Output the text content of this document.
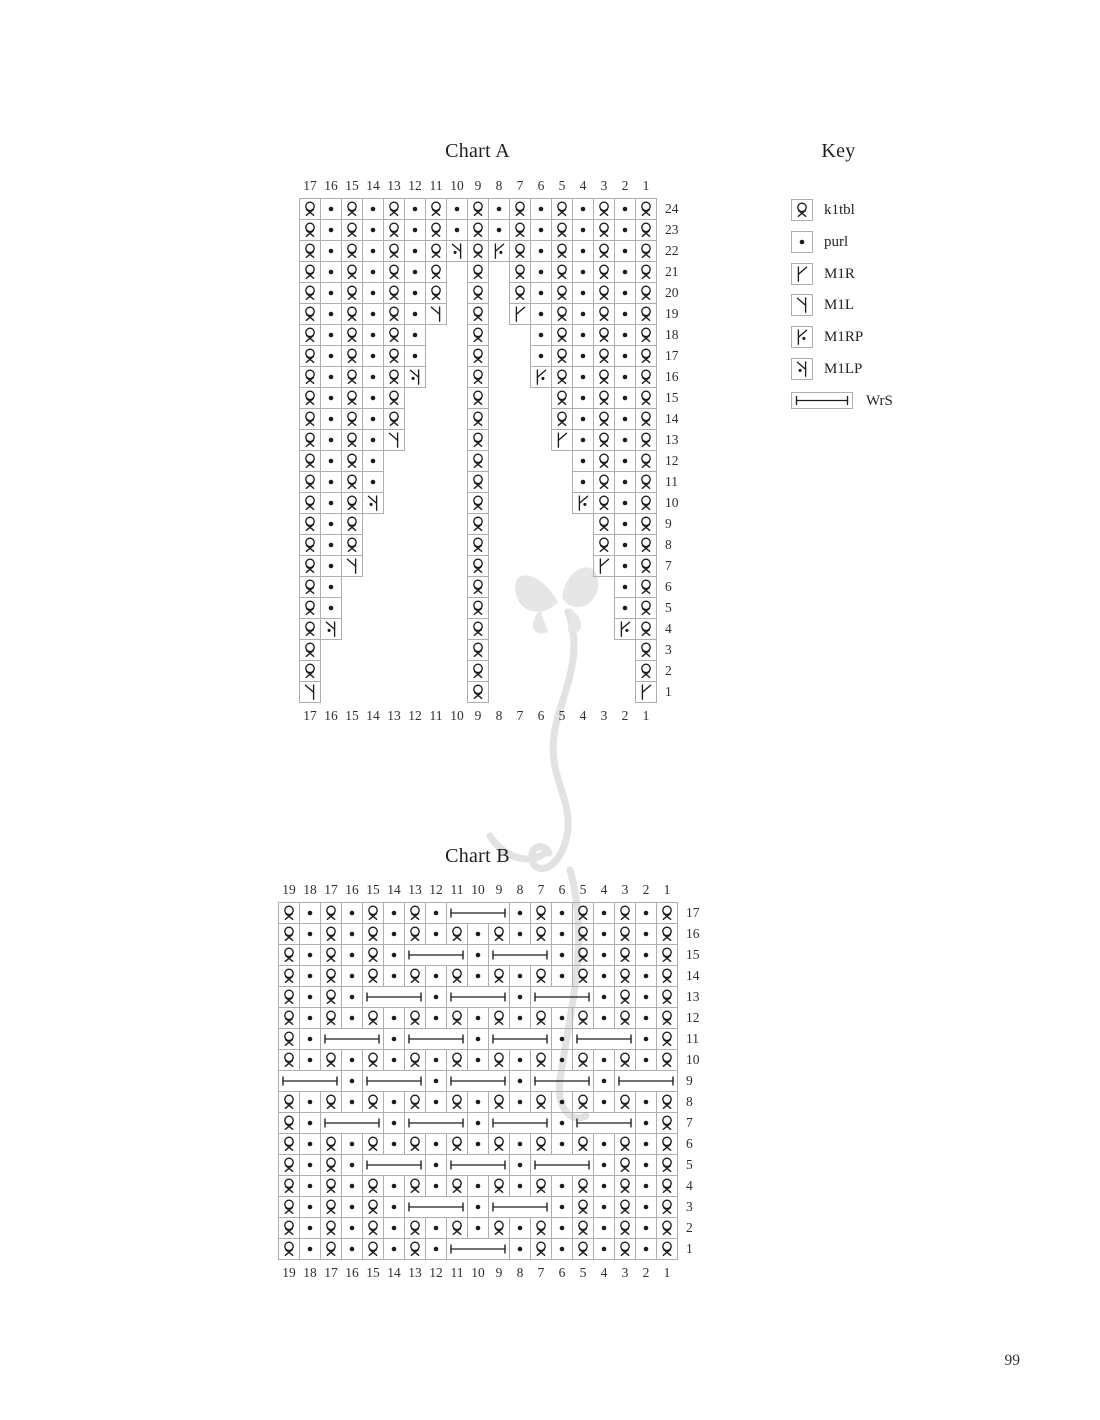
Chart A
17
17
16
16
15
15
14
14
13
13
12
12
11
11
10
10
9
9
8
8
7
7
6
6
5
5
4
4
3
3
2
2
1
1
24
23
22
21
20
19
18
17
16
15
14
13
12
11
10
9
8
7
6
5
4
3
2
1
Key
k1tbl
purl
M1R
M1L
M1RP
M1LP
WrS
Chart B
19
19
18
18
17
17
16
16
15
15
14
14
13
13
12
12
11
11
10
10
9
9
8
8
7
7
6
6
5
5
4
4
3
3
2
2
1
1
17
16
15
14
13
12
11
10
9
8
7
6
5
4
3
2
1
99
